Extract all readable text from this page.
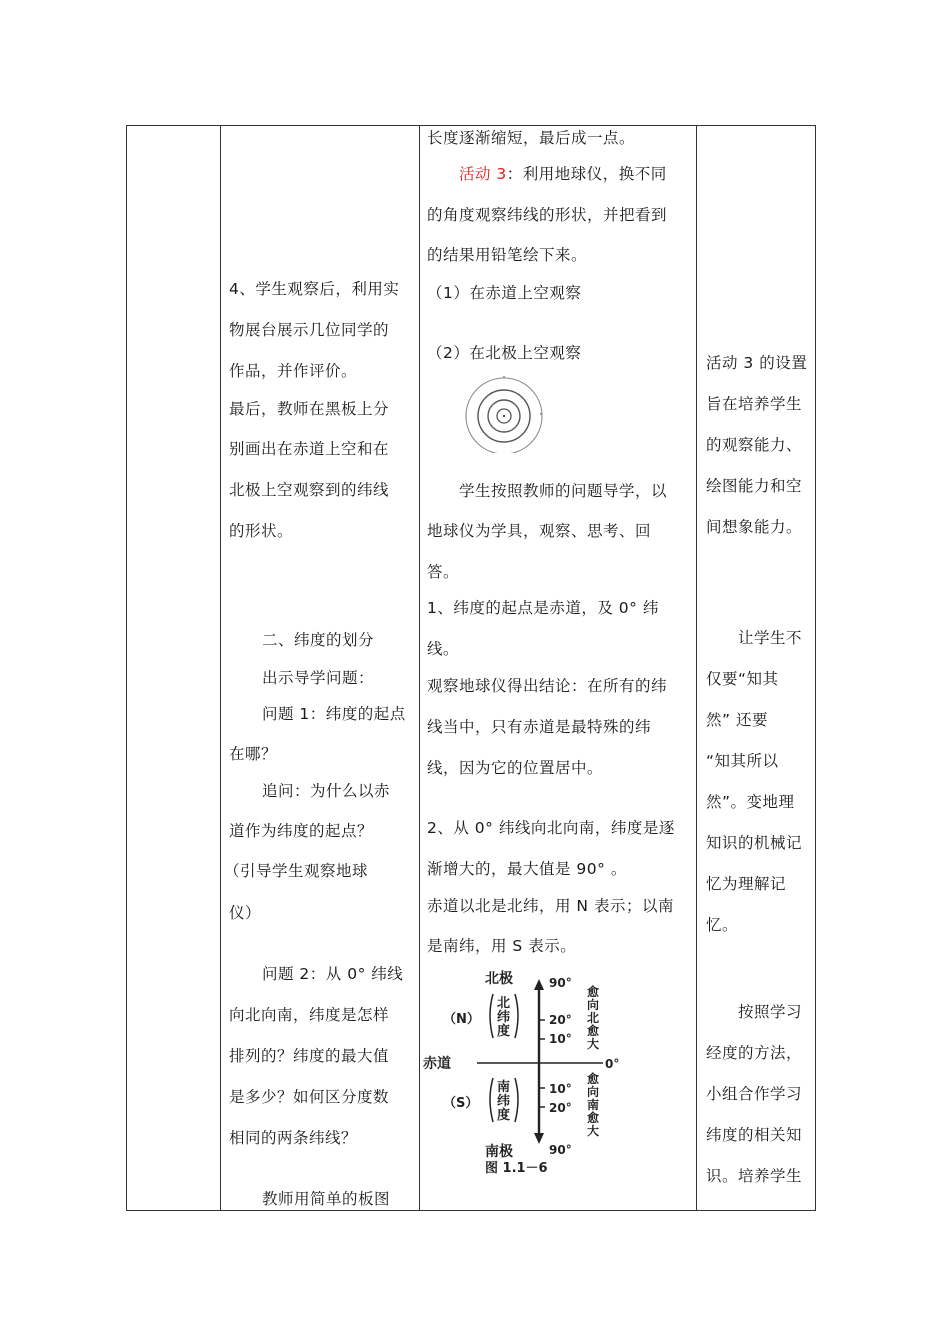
4、学生观察后，利用实
物展台展示几位同学的
作品，并作评价。
最后，教师在黑板上分
别画出在赤道上空和在
北极上空观察到的纬线
的形状。
二、纬度的划分
出示导学问题：
问题 1：纬度的起点
在哪？
追问：为什么以赤
道作为纬度的起点？
（引导学生观察地球
仪）
问题 2：从 0° 纬线
向北向南，纬度是怎样
排列的？纬度的最大值
是多少？如何区分度数
相同的两条纬线？
教师用简单的板图
长度逐渐缩短，最后成一点。
活动 3：利用地球仪，换不同
的角度观察纬线的形状，并把看到
的结果用铅笔绘下来。
（1）在赤道上空观察
（2）在北极上空观察
学生按照教师的问题导学，以
地球仪为学具，观察、思考、回
答。
1、纬度的起点是赤道，及 0° 纬
线。
观察地球仪得出结论：在所有的纬
线当中，只有赤道是最特殊的纬
线，因为它的位置居中。
2、从 0° 纬线向北向南，纬度是逐
渐增大的，最大值是 90° 。
赤道以北是北纬，用 N 表示；以南
是南纬，用 S 表示。
北极
南极
赤道
（N）
（S）
北
纬
度
南
纬
度
90°
20°
10°
0°
10°
20°
90°
愈
向
北
愈
大
愈
向
南
愈
大
图 1.1－6
活动 3 的设置
旨在培养学生
的观察能力、
绘图能力和空
间想象能力。
让学生不
仅要“知其
然” 还要
“知其所以
然”。变地理
知识的机械记
忆为理解记
忆。
按照学习
经度的方法，
小组合作学习
纬度的相关知
识。培养学生
